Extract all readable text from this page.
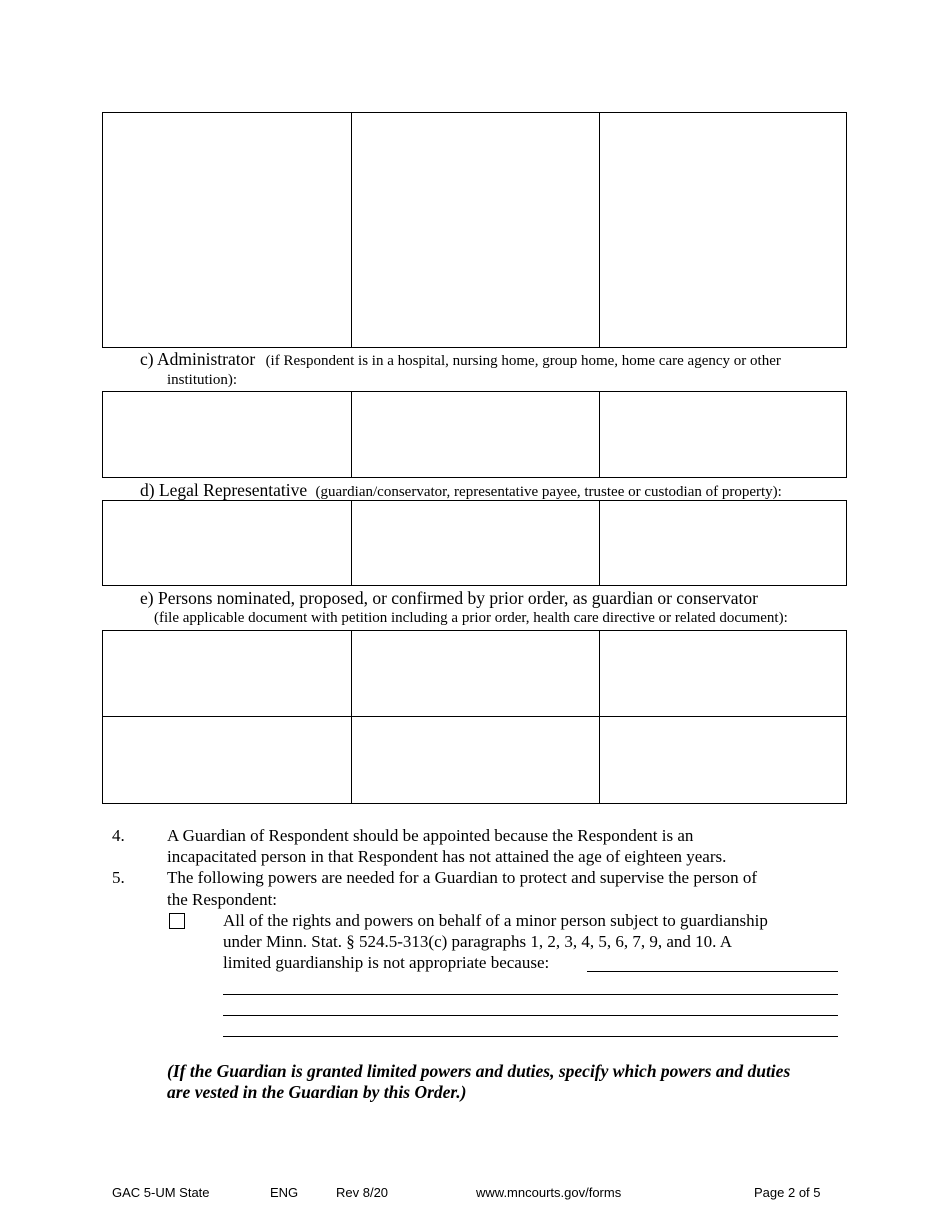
c) Administrator (if Respondent is in a hospital, nursing home, group home, home care agency or other
institution):

d) Legal Representative (guardian/conservator, representative payee, trustee or custodian of property):

e) Persons nominated, proposed, or confirmed by prior order, as guardian or conservator
(file applicable document with petition including a prior order, health care directive or related document):

4. A Guardian of Respondent should be appointed because the Respondent is an
incapacitated person in that Respondent has not attained the age of eighteen years.
5. The following powers are needed for a Guardian to protect and supervise the person of
the Respondent:
All of the rights and powers on behalf of a minor person subject to guardianship
under Minn. Stat. § 524.5-313(c) paragraphs 1, 2, 3, 4, 5, 6, 7, 9, and 10. A
limited guardianship is not appropriate because:
(If the Guardian is granted limited powers and duties, specify which powers and duties
are vested in the Guardian by this Order.)
GAC 5-UM State	ENG	Rev 8/20	www.mncourts.gov/forms	Page 2 of 5
